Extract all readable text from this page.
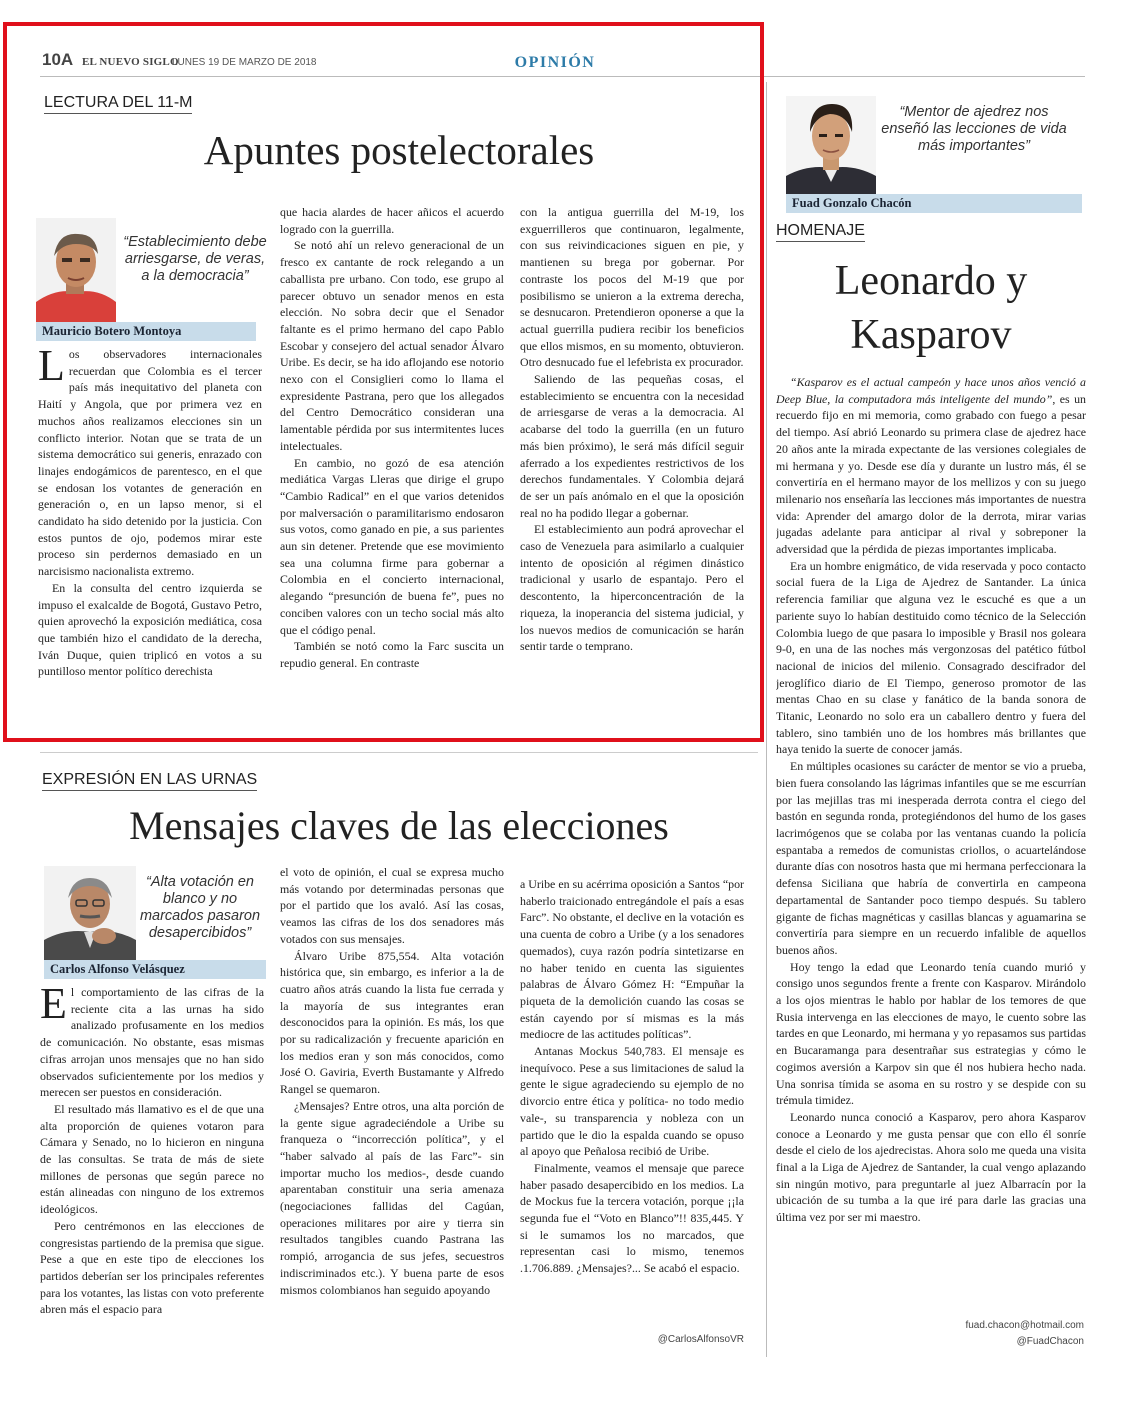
10A EL NUEVO SIGLO
LUNES 19 DE MARZO DE 2018	OPINIÓN
LECTURA DEL 11-M
Apuntes postelectorales
“Establecimiento debe arriesgarse, de veras, a la democracia”
Mauricio Botero Montoya

Los observadores internacionales recuerdan que Colombia es el tercer país más inequitativo del planeta con Haití y Angola, que por primera vez en muchos años realizamos elecciones sin un conflicto interior. Notan que se trata de un sistema democrático sui generis, enrazado con linajes endogámicos de parentesco, en el que se endosan los votantes de generación en generación o, en un lapso menor, si el candidato ha sido detenido por la justicia. Con estos puntos de ojo, podemos mirar este proceso sin perdernos demasiado en un narcisismo nacionalista extremo.

En la consulta del centro izquierda se impuso el exalcalde de Bogotá, Gustavo Petro, quien aprovechó la exposición mediática, cosa que también hizo el candidato de la derecha, Iván Duque, quien triplicó en votos a su puntilloso mentor político derechista

que hacia alardes de hacer añicos el acuerdo logrado con la guerrilla.

Se notó ahí un relevo generacional de un fresco ex cantante de rock relegando a un caballista pre urbano. Con todo, ese grupo al parecer obtuvo un senador menos en esta elección. No sobra decir que el Senador faltante es el primo hermano del capo Pablo Escobar y consejero del actual senador Álvaro Uribe. Es decir, se ha ido aflojando ese notorio nexo con el Consiglieri como lo llama el expresidente Pastrana, pero que los allegados del Centro Democrático consideran una lamentable pérdida por sus intermitentes luces intelectuales.

En cambio, no gozó de esa atención mediática Vargas Lleras que dirige el grupo “Cambio Radical” en el que varios detenidos por malversación o paramilitarismo endosaron sus votos, como ganado en pie, a sus parientes aun sin detener. Pretende que ese movimiento sea una columna firme para gobernar a Colombia en el concierto internacional, alegando “presunción de buena fe”, pues no conciben valores con un techo social más alto que el código penal.

También se notó como la Farc suscita un repudio general. En contraste

con la antigua guerrilla del M-19, los exguerrilleros que continuaron, legalmente, con sus reivindicaciones siguen en pie, y mantienen su brega por gobernar. Por contraste los pocos del M-19 que por posibilismo se unieron a la extrema derecha, se desnucaron. Pretendieron oponerse a que la actual guerrilla pudiera recibir los beneficios que ellos mismos, en su momento, obtuvieron. Otro desnucado fue el lefebrista ex procurador.

Saliendo de las pequeñas cosas, el establecimiento se encuentra con la necesidad de arriesgarse de veras a la democracia. Al acabarse del todo la guerrilla (en un futuro más bien próximo), le será más difícil seguir aferrado a los expedientes restrictivos de los derechos fundamentales. Y Colombia dejará de ser un país anómalo en el que la oposición real no ha podido llegar a gobernar.

El establecimiento aun podrá aprovechar el caso de Venezuela para asimilarlo a cualquier intento de oposición al régimen dinástico tradicional y usarlo de espantajo. Pero el descontento, la hiperconcentración de la riqueza, la inoperancia del sistema judicial, y los nuevos medios de comunicación se harán sentir tarde o temprano.

EXPRESIÓN EN LAS URNAS
Mensajes claves de las elecciones
“Alta votación en blanco y no marcados pasaron desapercibidos”
Carlos Alfonso Velásquez

El comportamiento de las cifras de la reciente cita a las urnas ha sido analizado profusamente en los medios de comunicación. No obstante, esas mismas cifras arrojan unos mensajes que no han sido observados suficientemente por los medios y merecen ser puestos en consideración.

El resultado más llamativo es el de que una alta proporción de quienes votaron para Cámara y Senado, no lo hicieron en ninguna de las consultas. Se trata de más de siete millones de personas que según parece no están alineadas con ninguno de los extremos ideológicos.

Pero centrémonos en las elecciones de congresistas partiendo de la premisa que sigue. Pese a que en este tipo de elecciones los partidos deberían ser los principales referentes para los votantes, las listas con voto preferente abren más el espacio para

el voto de opinión, el cual se expresa mucho más votando por determinadas personas que por el partido que los avaló. Así las cosas, veamos las cifras de los dos senadores más votados con sus mensajes.

Álvaro Uribe 875,554. Alta votación histórica que, sin embargo, es inferior a la de cuatro años atrás cuando la lista fue cerrada y la mayoría de sus integrantes eran desconocidos para la opinión. Es más, los que por su radicalización y frecuente aparición en los medios eran y son más conocidos, como José O. Gaviria, Everth Bustamante y Alfredo Rangel se quemaron.

¿Mensajes? Entre otros, una alta porción de la gente sigue agradeciéndole a Uribe su franqueza o “incorrección política”, y el “haber salvado al país de las Farc”- sin importar mucho los medios-, desde cuando aparentaban constituir una seria amenaza (negociaciones fallidas del Cagúan, operaciones militares por aire y tierra sin resultados tangibles cuando Pastrana las rompió, arrogancia de sus jefes, secuestros indiscriminados etc.). Y buena parte de esos mismos colombianos han seguido apoyando

a Uribe en su acérrima oposición a Santos “por haberlo traicionado entregándole el país a esas Farc”. No obstante, el declive en la votación es una cuenta de cobro a Uribe (y a los senadores quemados), cuya razón podría sintetizarse en no haber tenido en cuenta las siguientes palabras de Álvaro Gómez H: “Empuñar la piqueta de la demolición cuando las cosas se están cayendo por sí mismas es la más mediocre de las actitudes políticas”.

Antanas Mockus 540,783. El mensaje es inequívoco. Pese a sus limitaciones de salud la gente le sigue agradeciendo su ejemplo de no divorcio entre ética y política- no todo medio vale-, su transparencia y nobleza con un partido que le dio la espalda cuando se opuso al apoyo que Peñalosa recibió de Uribe.

Finalmente, veamos el mensaje que parece haber pasado desapercibido en los medios. La de Mockus fue la tercera votación, porque ¡¡la segunda fue el “Voto en Blanco”!! 835,445. Y si le sumamos los no marcados, que representan casi lo mismo, tenemos .1.706.889. ¿Mensajes?... Se acabó el espacio.

@CarlosAlfonsoVR
“Mentor de ajedrez nos enseñó las lecciones de vida más importantes”
Fuad Gonzalo Chacón
HOMENAJE
Leonardo y
Kasparov

“Kasparov es el actual campeón y hace unos años venció a Deep Blue, la computadora más inteligente del mundo”, es un recuerdo fijo en mi memoria, como grabado con fuego a pesar del tiempo. Así abrió Leonardo su primera clase de ajedrez hace 20 años ante la mirada expectante de las versiones colegiales de mi hermana y yo. Desde ese día y durante un lustro más, él se convertiría en el hermano mayor de los mellizos y con su juego milenario nos enseñaría las lecciones más importantes de nuestra vida: Aprender del amargo dolor de la derrota, mirar varias jugadas adelante para anticipar al rival y sobreponer la adversidad que la pérdida de piezas importantes implicaba.

Era un hombre enigmático, de vida reservada y poco contacto social fuera de la Liga de Ajedrez de Santander. La única referencia familiar que alguna vez le escuché es que a un pariente suyo lo habían destituido como técnico de la Selección Colombia luego de que pasara lo imposible y Brasil nos goleara 9-0, en una de las noches más vergonzosas del patético fútbol nacional de inicios del milenio. Consagrado descifrador del jeroglífico diario de El Tiempo, generoso promotor de las mentas Chao en su clase y fanático de la banda sonora de Titanic, Leonardo no solo era un caballero dentro y fuera del tablero, sino también uno de los hombres más brillantes que haya tenido la suerte de conocer jamás.

En múltiples ocasiones su carácter de mentor se vio a prueba, bien fuera consolando las lágrimas infantiles que se me escurrían por las mejillas tras mi inesperada derrota contra el ciego del bastón en segunda ronda, protegiéndonos del humo de los gases lacrimógenos que se colaba por las ventanas cuando la policía espantaba a remedos de comunistas criollos, o acuartelándose durante días con nosotros hasta que mi hermana perfeccionara la defensa Siciliana que habría de convertirla en campeona departamental de Santander poco tiempo después. Su tablero gigante de fichas magnéticas y casillas blancas y aguamarina se convertiría para siempre en un recuerdo infalible de aquellos buenos años.

Hoy tengo la edad que Leonardo tenía cuando murió y consigo unos segundos frente a frente con Kasparov. Mirándolo a los ojos mientras le hablo por hablar de los temores de que Rusia intervenga en las elecciones de mayo, le cuento sobre las tardes en que Leonardo, mi hermana y yo repasamos sus partidas en Bucaramanga para desentrañar sus estrategias y cómo le cogimos aversión a Karpov sin que él nos hubiera hecho nada. Una sonrisa tímida se asoma en su rostro y se despide con su trémula timidez.

Leonardo nunca conoció a Kasparov, pero ahora Kasparov conoce a Leonardo y me gusta pensar que con ello él sonríe desde el cielo de los ajedrecistas. Ahora solo me queda una visita final a la Liga de Ajedrez de Santander, la cual vengo aplazando sin ningún motivo, para preguntarle al juez Albarracín por la ubicación de su tumba a la que iré para darle las gracias una última vez por ser mi maestro.

fuad.chacon@hotmail.com
@FuadChacon
